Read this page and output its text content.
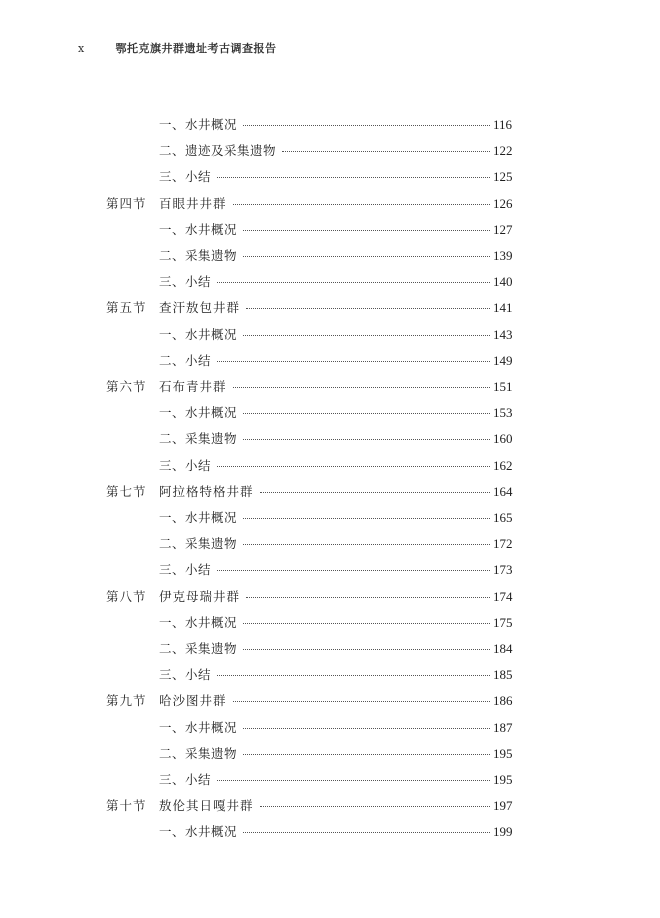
x	鄂托克旗井群遗址考古调查报告
一、水井概况	116
二、遗迹及采集遗物	122
三、小结	125
第四节 百眼井井群	126
一、水井概况	127
二、采集遗物	139
三、小结	140
第五节 查汗敖包井群	141
一、水井概况	143
二、小结	149
第六节 石布青井群	151
一、水井概况	153
二、采集遗物	160
三、小结	162
第七节 阿拉格特格井群	164
一、水井概况	165
二、采集遗物	172
三、小结	173
第八节 伊克母瑞井群	174
一、水井概况	175
二、采集遗物	184
三、小结	185
第九节 哈沙图井群	186
一、水井概况	187
二、采集遗物	195
三、小结	195
第十节 敖伦其日嘎井群	197
一、水井概况	199
